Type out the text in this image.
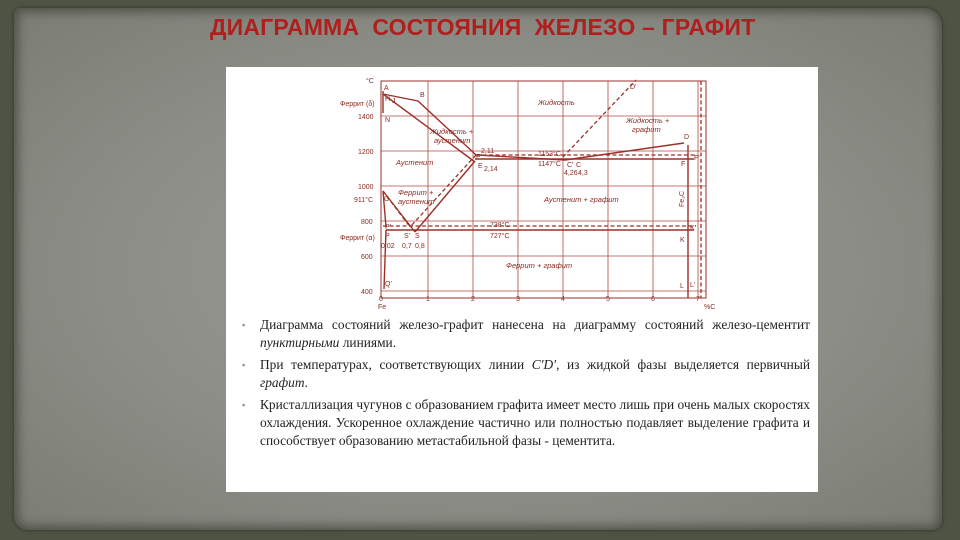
ДИАГРАММА  СОСТОЯНИЯ  ЖЕЛЕЗО – ГРАФИТ
°С
%С
Fe
1400
1200
1000
800
600
400
0	1	2	3	4	5	6	7
Феррит (δ)
911°С
Феррит (α)
A
B
H J
N
D'
D
F'
F
C' C
E'
E
G
P'
P S' S
K'
K
Q'	L'
L
Fe₃C
2,11
2,14
4,26 4,3
1153°С
1147°С
738°С
727°С
0,02 0,7 0,8
Жидкость
Жидкость +
графит
Жидкость +
аустенит
Аустенит
Феррит +
аустенит	Аустенит + графит
Феррит + графит
▪ Диаграмма состояний железо-графит нанесена на диаграмму состояний железо-цементит пунктирными линиями.
▪ При температурах, соответствующих линии C'D', из жидкой фазы выделяется первичный графит.
▪ Кристаллизация чугунов с образованием графита имеет место лишь при очень малых скоростях охлаждения. Ускоренное охлаждение частично или полностью подавляет выделение графита и способствует образованию метастабильной фазы - цементита.
